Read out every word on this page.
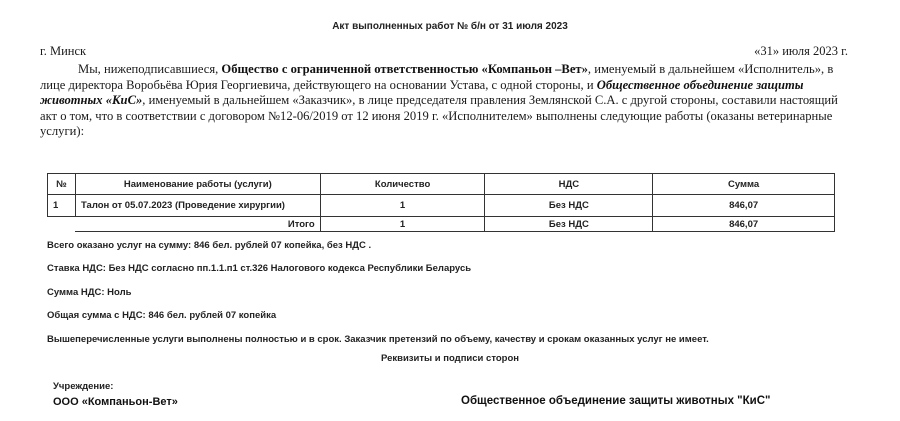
Акт выполненных работ № б/н от 31 июля 2023
г. Минск	«31» июля 2023 г.
Мы, нижеподписавшиеся, Общество с ограниченной ответственностью «Компаньон –Вет», именуемый в дальнейшем «Исполнитель», в лице директора Воробьёва Юрия Георгиевича, действующего на основании Устава, с одной стороны, и Общественное объединение защиты животных «КиС», именуемый в дальнейшем «Заказчик», в лице председателя правления Землянской С.А. с другой стороны, составили настоящий акт о том, что в соответствии с договором №12-06/2019 от 12 июня 2019 г. «Исполнителем» выполнены следующие работы (оказаны ветеринарные услуги):
№	Наименование работы (услуги)	Количество	НДС	Сумма
1	Талон от 05.07.2023 (Проведение хирургии)	1	Без НДС	846,07
	Итого	1	Без НДС	846,07
Всего оказано услуг на сумму: 846 бел. рублей 07 копейка, без НДС .
Ставка НДС: Без НДС согласно пп.1.1.п1 ст.326 Налогового кодекса Республики Беларусь
Сумма НДС: Ноль
Общая сумма с НДС: 846 бел. рублей 07 копейка
Вышеперечисленные услуги выполнены полностью и в срок. Заказчик претензий по объему, качеству и срокам оказанных услуг не имеет.
Реквизиты и подписи сторон
Учреждение:
ООО «Компаньон-Вет»	Общественное объединение защиты животных "КиС"
